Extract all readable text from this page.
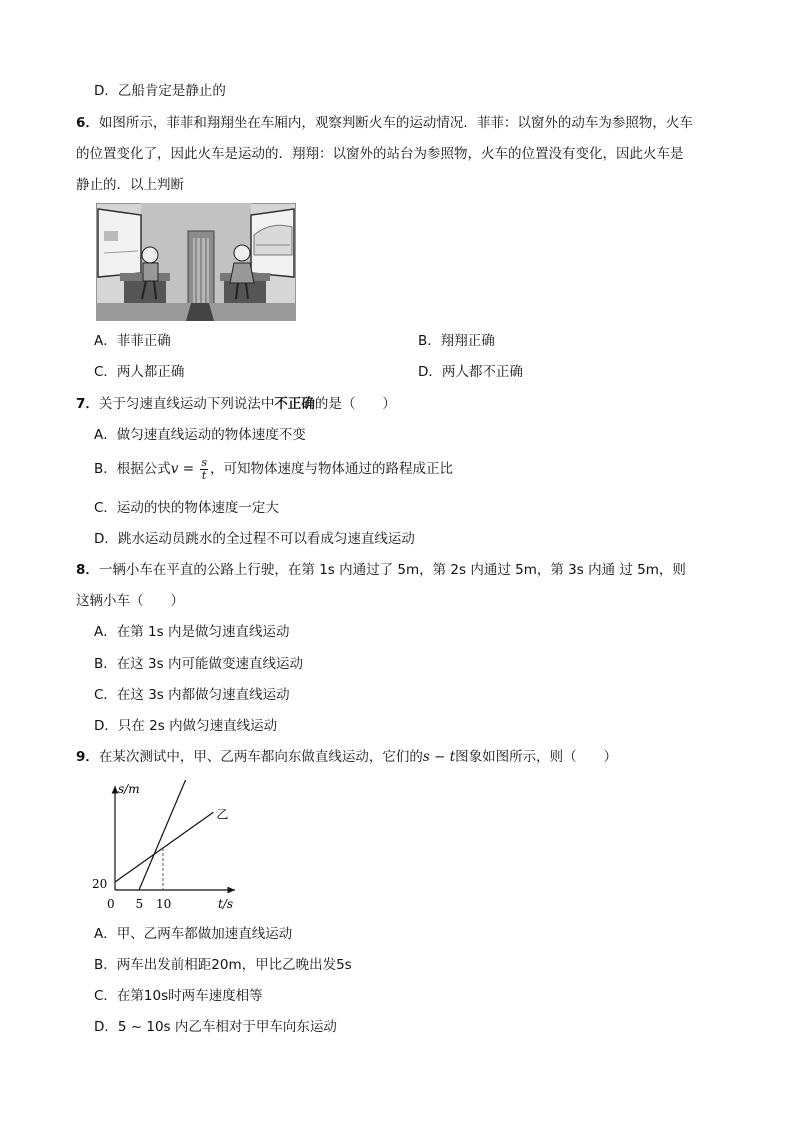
D．乙船肯定是静止的
6．如图所示，菲菲和翔翔坐在车厢内，观察判断火车的运动情况．菲菲：以窗外的动车为参照物，火车
的位置变化了，因此火车是运动的．翔翔：以窗外的站台为参照物，火车的位置没有变化，因此火车是
静止的．以上判断
A．菲菲正确	B．翔翔正确
C．两人都正确	D．两人都不正确
7．关于匀速直线运动下列说法中不正确的是（　　）
A．做匀速直线运动的物体速度不变
B．根据公式$v = \frac{s}{t}$ ，可知物体速度与物体通过的路程成正比
C．运动的快的物体速度一定大
D．跳水运动员跳水的全过程不可以看成匀速直线运动
8．一辆小车在平直的公路上行驶，在第 1s 内通过了 5m，第 2s 内通过 5m，第 3s 内通 过 5m，则
这辆小车（　　）
A．在第 1s 内是做匀速直线运动
B．在这 3s 内可能做变速直线运动
C．在这 3s 内都做匀速直线运动
D．只在 2s 内做匀速直线运动
9．在某次测试中，甲、乙两车都向东做直线运动，它们的s − t图象如图所示，则（　　）
s/m
t/s
乙
0 5 10
20
A．甲、乙两车都做加速直线运动
B．两车出发前相距20m，甲比乙晚出发5s
C．在第10s时两车速度相等
D．5 ~ 10s 内乙车相对于甲车向东运动
